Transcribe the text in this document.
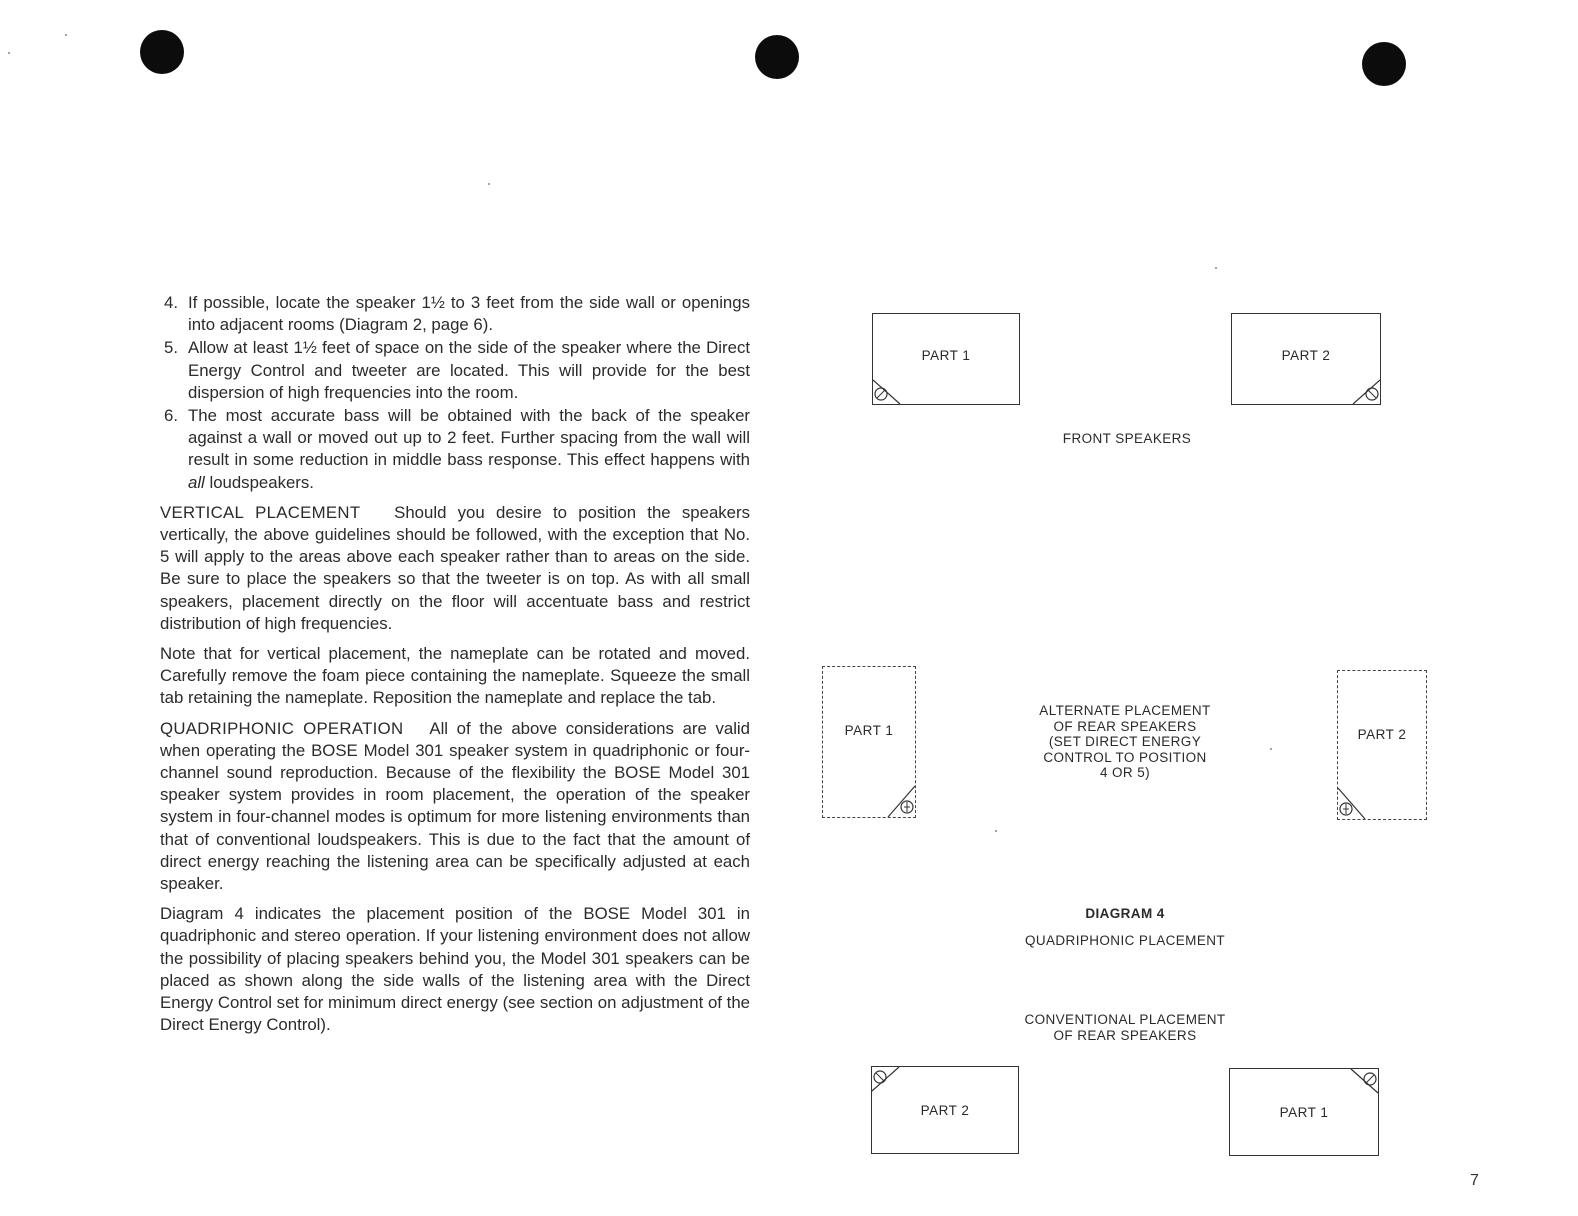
4. If possible, locate the speaker 1½ to 3 feet from the side wall or openings into adjacent rooms (Diagram 2, page 6).

5. Allow at least 1½ feet of space on the side of the speaker where the Direct Energy Control and tweeter are located. This will provide for the best dispersion of high frequencies into the room.

6. The most accurate bass will be obtained with the back of the speaker against a wall or moved out up to 2 feet. Further spacing from the wall will result in some reduction in middle bass response. This effect happens with all loudspeakers.

VERTICAL PLACEMENT Should you desire to position the speakers vertically, the above guidelines should be followed, with the exception that No. 5 will apply to the areas above each speaker rather than to areas on the side. Be sure to place the speakers so that the tweeter is on top. As with all small speakers, placement directly on the floor will accentuate bass and restrict distribution of high frequencies.

Note that for vertical placement, the nameplate can be rotated and moved. Carefully remove the foam piece containing the nameplate. Squeeze the small tab retaining the nameplate. Reposition the nameplate and replace the tab.

QUADRIPHONIC OPERATION All of the above considerations are valid when operating the BOSE Model 301 speaker system in quadriphonic or four-channel sound reproduction. Because of the flexibility the BOSE Model 301 speaker system provides in room placement, the operation of the speaker system in four-channel modes is optimum for more listening environments than that of conventional loudspeakers. This is due to the fact that the amount of direct energy reaching the listening area can be specifically adjusted at each speaker.

Diagram 4 indicates the placement position of the BOSE Model 301 in quadriphonic and stereo operation. If your listening environment does not allow the possibility of placing speakers behind you, the Model 301 speakers can be placed as shown along the side walls of the listening area with the Direct Energy Control set for minimum direct energy (see section on adjustment of the Direct Energy Control).

PART 1	PART 2
FRONT SPEAKERS
PART 1	PART 2
ALTERNATE PLACEMENT
OF REAR SPEAKERS
(SET DIRECT ENERGY
CONTROL TO POSITION
4 OR 5)
DIAGRAM 4
QUADRIPHONIC PLACEMENT
CONVENTIONAL PLACEMENT
OF REAR SPEAKERS
PART 2	PART 1
7
